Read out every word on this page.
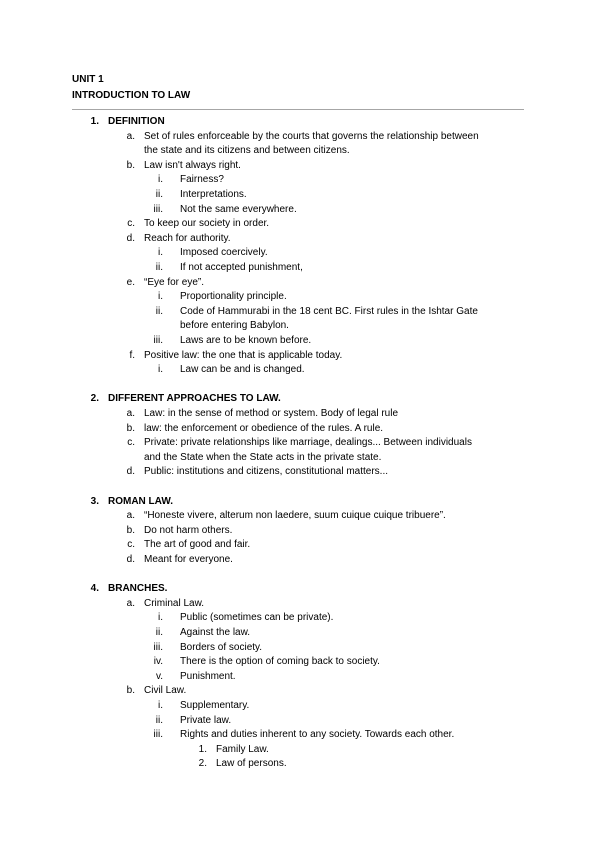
UNIT 1
INTRODUCTION TO LAW
1. DEFINITION
a. Set of rules enforceable by the courts that governs the relationship between
the state and its citizens and between citizens.
b. Law isn't always right.
i. Fairness?
ii. Interpretations.
iii. Not the same everywhere.
c. To keep our society in order.
d. Reach for authority.
i. Imposed coercively.
ii. If not accepted punishment,
e. “Eye for eye”.
i. Proportionality principle.
ii. Code of Hammurabi in the 18 cent BC. First rules in the Ishtar Gate
before entering Babylon.
iii. Laws are to be known before.
f. Positive law: the one that is applicable today.
i. Law can be and is changed.
2. DIFFERENT APPROACHES TO LAW.
a. Law: in the sense of method or system. Body of legal rule
b. law: the enforcement or obedience of the rules. A rule.
c. Private: private relationships like marriage, dealings... Between individuals
and the State when the State acts in the private state.
d. Public: institutions and citizens, constitutional matters...
3. ROMAN LAW.
a. “Honeste vivere, alterum non laedere, suum cuique cuique tribuere”.
b. Do not harm others.
c. The art of good and fair.
d. Meant for everyone.
4. BRANCHES.
a. Criminal Law.
i. Public (sometimes can be private).
ii. Against the law.
iii. Borders of society.
iv. There is the option of coming back to society.
v. Punishment.
b. Civil Law.
i. Supplementary.
ii. Private law.
iii. Rights and duties inherent to any society. Towards each other.
1. Family Law.
2. Law of persons.
